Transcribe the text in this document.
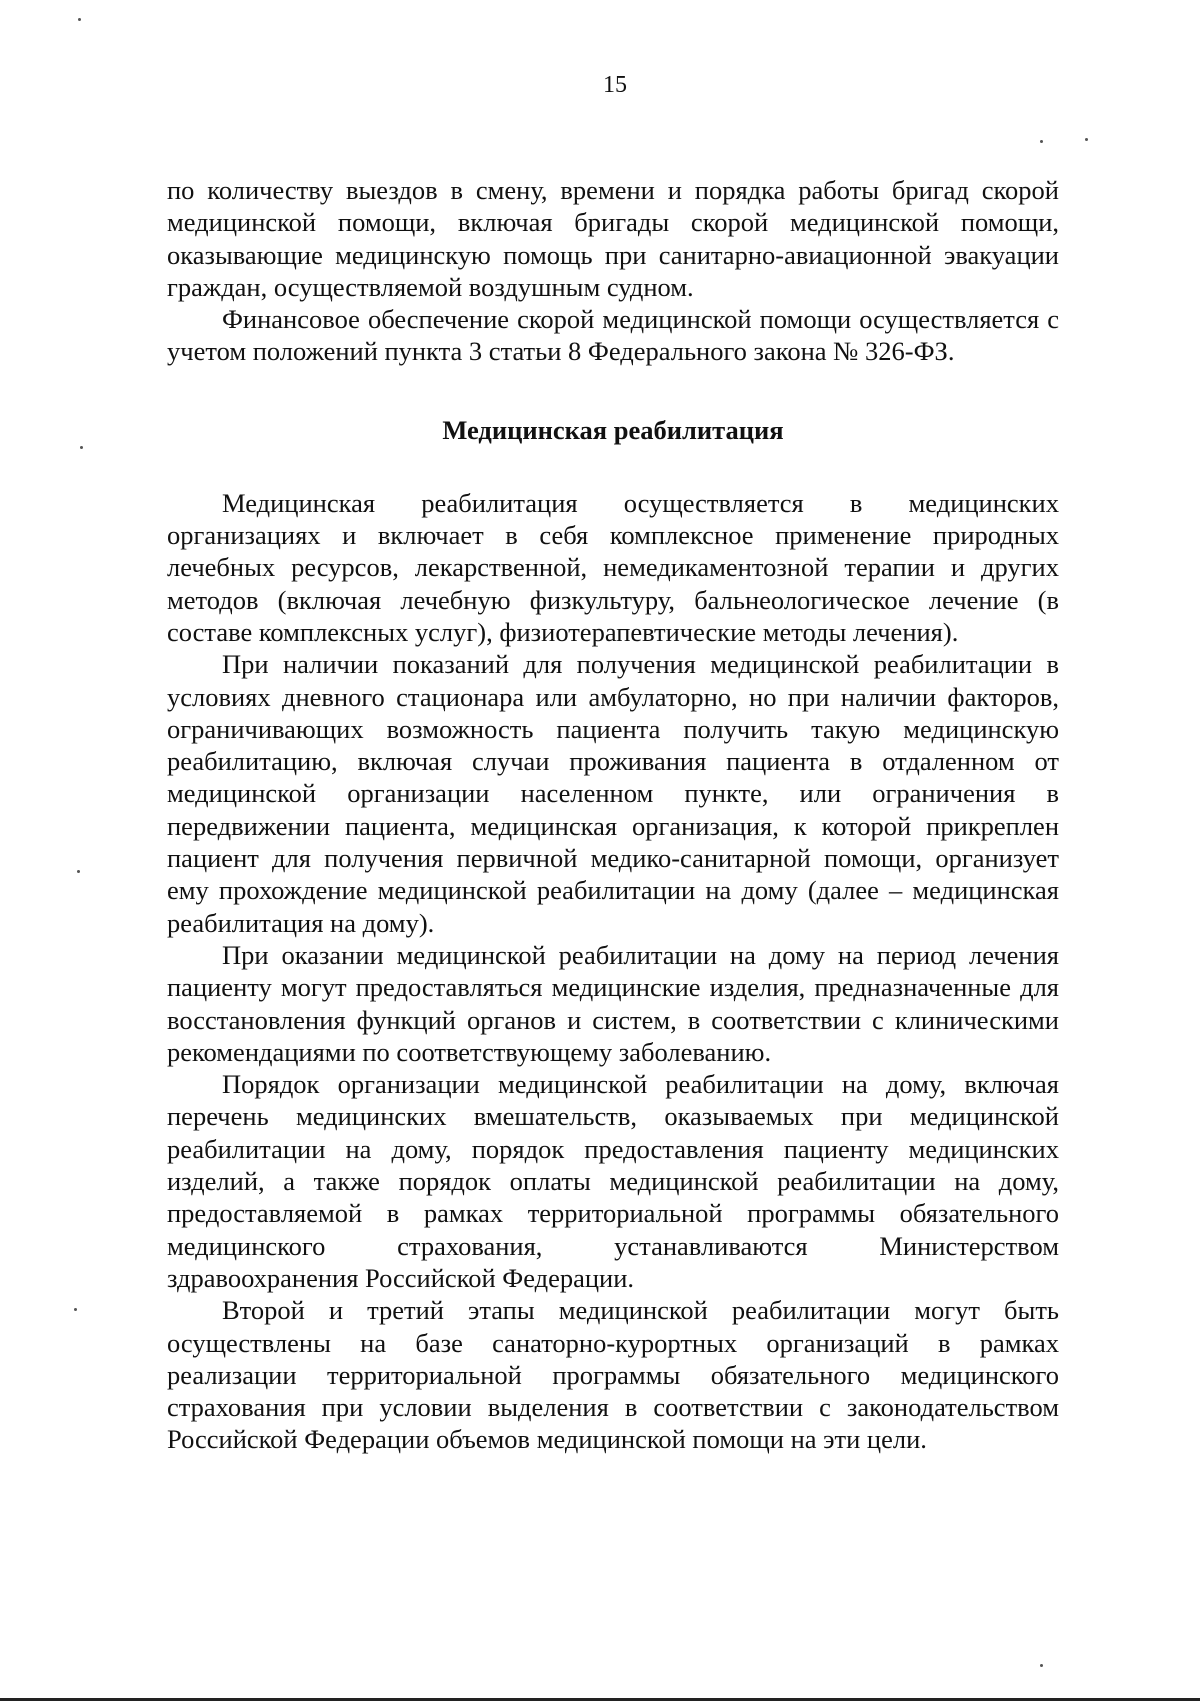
15

по количеству выездов в смену, времени и порядка работы бригад скорой медицинской помощи, включая бригады скорой медицинской помощи, оказывающие медицинскую помощь при санитарно-авиационной эвакуации граждан, осуществляемой воздушным судном.

Финансовое обеспечение скорой медицинской помощи осуществляется с учетом положений пункта 3 статьи 8 Федерального закона № 326-ФЗ.

Медицинская реабилитация

Медицинская реабилитация осуществляется в медицинских организациях и включает в себя комплексное применение природных лечебных ресурсов, лекарственной, немедикаментозной терапии и других методов (включая лечебную физкультуру, бальнеологическое лечение (в составе комплексных услуг), физиотерапевтические методы лечения).

При наличии показаний для получения медицинской реабилитации в условиях дневного стационара или амбулаторно, но при наличии факторов, ограничивающих возможность пациента получить такую медицинскую реабилитацию, включая случаи проживания пациента в отдаленном от медицинской организации населенном пункте, или ограничения в передвижении пациента, медицинская организация, к которой прикреплен пациент для получения первичной медико-санитарной помощи, организует ему прохождение медицинской реабилитации на дому (далее – медицинская реабилитация на дому).

При оказании медицинской реабилитации на дому на период лечения пациенту могут предоставляться медицинские изделия, предназначенные для восстановления функций органов и систем, в соответствии с клиническими рекомендациями по соответствующему заболеванию.

Порядок организации медицинской реабилитации на дому, включая перечень медицинских вмешательств, оказываемых при медицинской реабилитации на дому, порядок предоставления пациенту медицинских изделий, а также порядок оплаты медицинской реабилитации на дому, предоставляемой в рамках территориальной программы обязательного медицинского страхования, устанавливаются Министерством здравоохранения Российской Федерации.

Второй и третий этапы медицинской реабилитации могут быть осуществлены на базе санаторно-курортных организаций в рамках реализации территориальной программы обязательного медицинского страхования при условии выделения в соответствии с законодательством Российской Федерации объемов медицинской помощи на эти цели.
